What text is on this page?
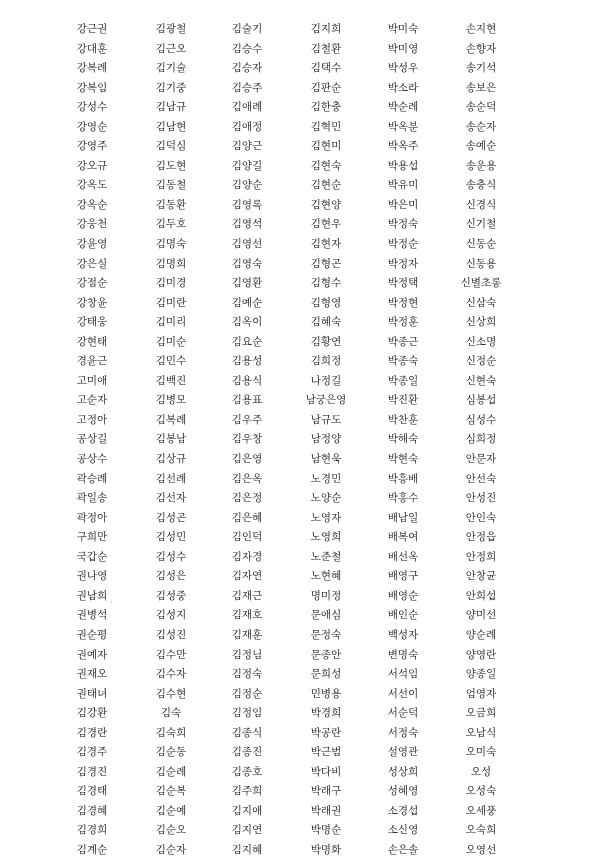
강근권
강대훈
강복례
강복임
강성수
강영순
강영주
강오규
강옥도
강옥순
강웅천
강윤영
강은실
강점순
강창윤
강태웅
강현태
경윤근
고미애
고순자
고정아
공상길
공상수
곽승례
곽일송
곽정아
구희만
국갑순
권나영
권남희
권병석
권순평
권예자
권재오
권태녀
김강환
김경란
김경주
김경진
김경태
김경혜
김경희
김계순
김광철
김근오
김기술
김기중
김남규
김남현
김덕심
김도현
김동철
김동환
김두호
김명숙
김명희
김미경
김미란
김미리
김미순
김민수
김백진
김병모
김복례
김봉남
김상규
김선례
김선자
김성곤
김성민
김성수
김성은
김성중
김성지
김성진
김수만
김수자
김수현
김숙
김숙희
김순동
김순례
김순복
김순예
김순오
김순자
김술기
김승수
김승자
김승주
김애례
김애정
김양근
김양길
김양순
김영록
김영석
김영선
김영숙
김영환
김예순
김옥이
김요순
김용성
김용식
김용표
김우주
김우창
김은영
김은옥
김은정
김은혜
김인덕
김자경
김자연
김재근
김재호
김재훈
김정님
김정숙
김정순
김정임
김종식
김종진
김종호
김주희
김지애
김지연
김지혜
김지희
김철환
김택수
김판순
김한충
김혁민
김현미
김현숙
김현순
김현양
김현우
김현자
김형곤
김형수
김형영
김혜숙
김황연
김희정
나정길
남궁은영
남규도
남정양
남현욱
노경민
노양순
노영자
노영희
노준철
노현혜
명미정
문애심
문정숙
문종안
문희성
민병용
박경희
박공란
박근범
박다비
박래구
박래권
박명순
박명화
박미숙
박미영
박성우
박소라
박순례
박옥분
박옥주
박용섭
박유미
박은미
박정숙
박정순
박정자
박정택
박정현
박정훈
박종근
박종숙
박종일
박진환
박찬훈
박해숙
박현숙
박흥배
박홍수
배남일
배복여
배선옥
배영구
배영순
배인순
백성자
변명숙
서석임
서선이
서순덕
서정숙
설영관
성상희
성혜영
소경섭
소신영
손은솔
손지현
손향자
송기석
송보은
송순덕
송순자
송예순
송운용
송충식
신경식
신기철
신동순
신동용
신별초롱
신삼숙
신상희
신소명
신정순
신현숙
심봉섭
심성수
심희정
안문자
안선숙
안성진
안인숙
안정읍
안정희
안창균
안희섭
양미선
양순례
양영란
양종일
엄영자
오금희
오남식
오미숙
오성
오성숙
오세풍
오숙희
오영선
·
